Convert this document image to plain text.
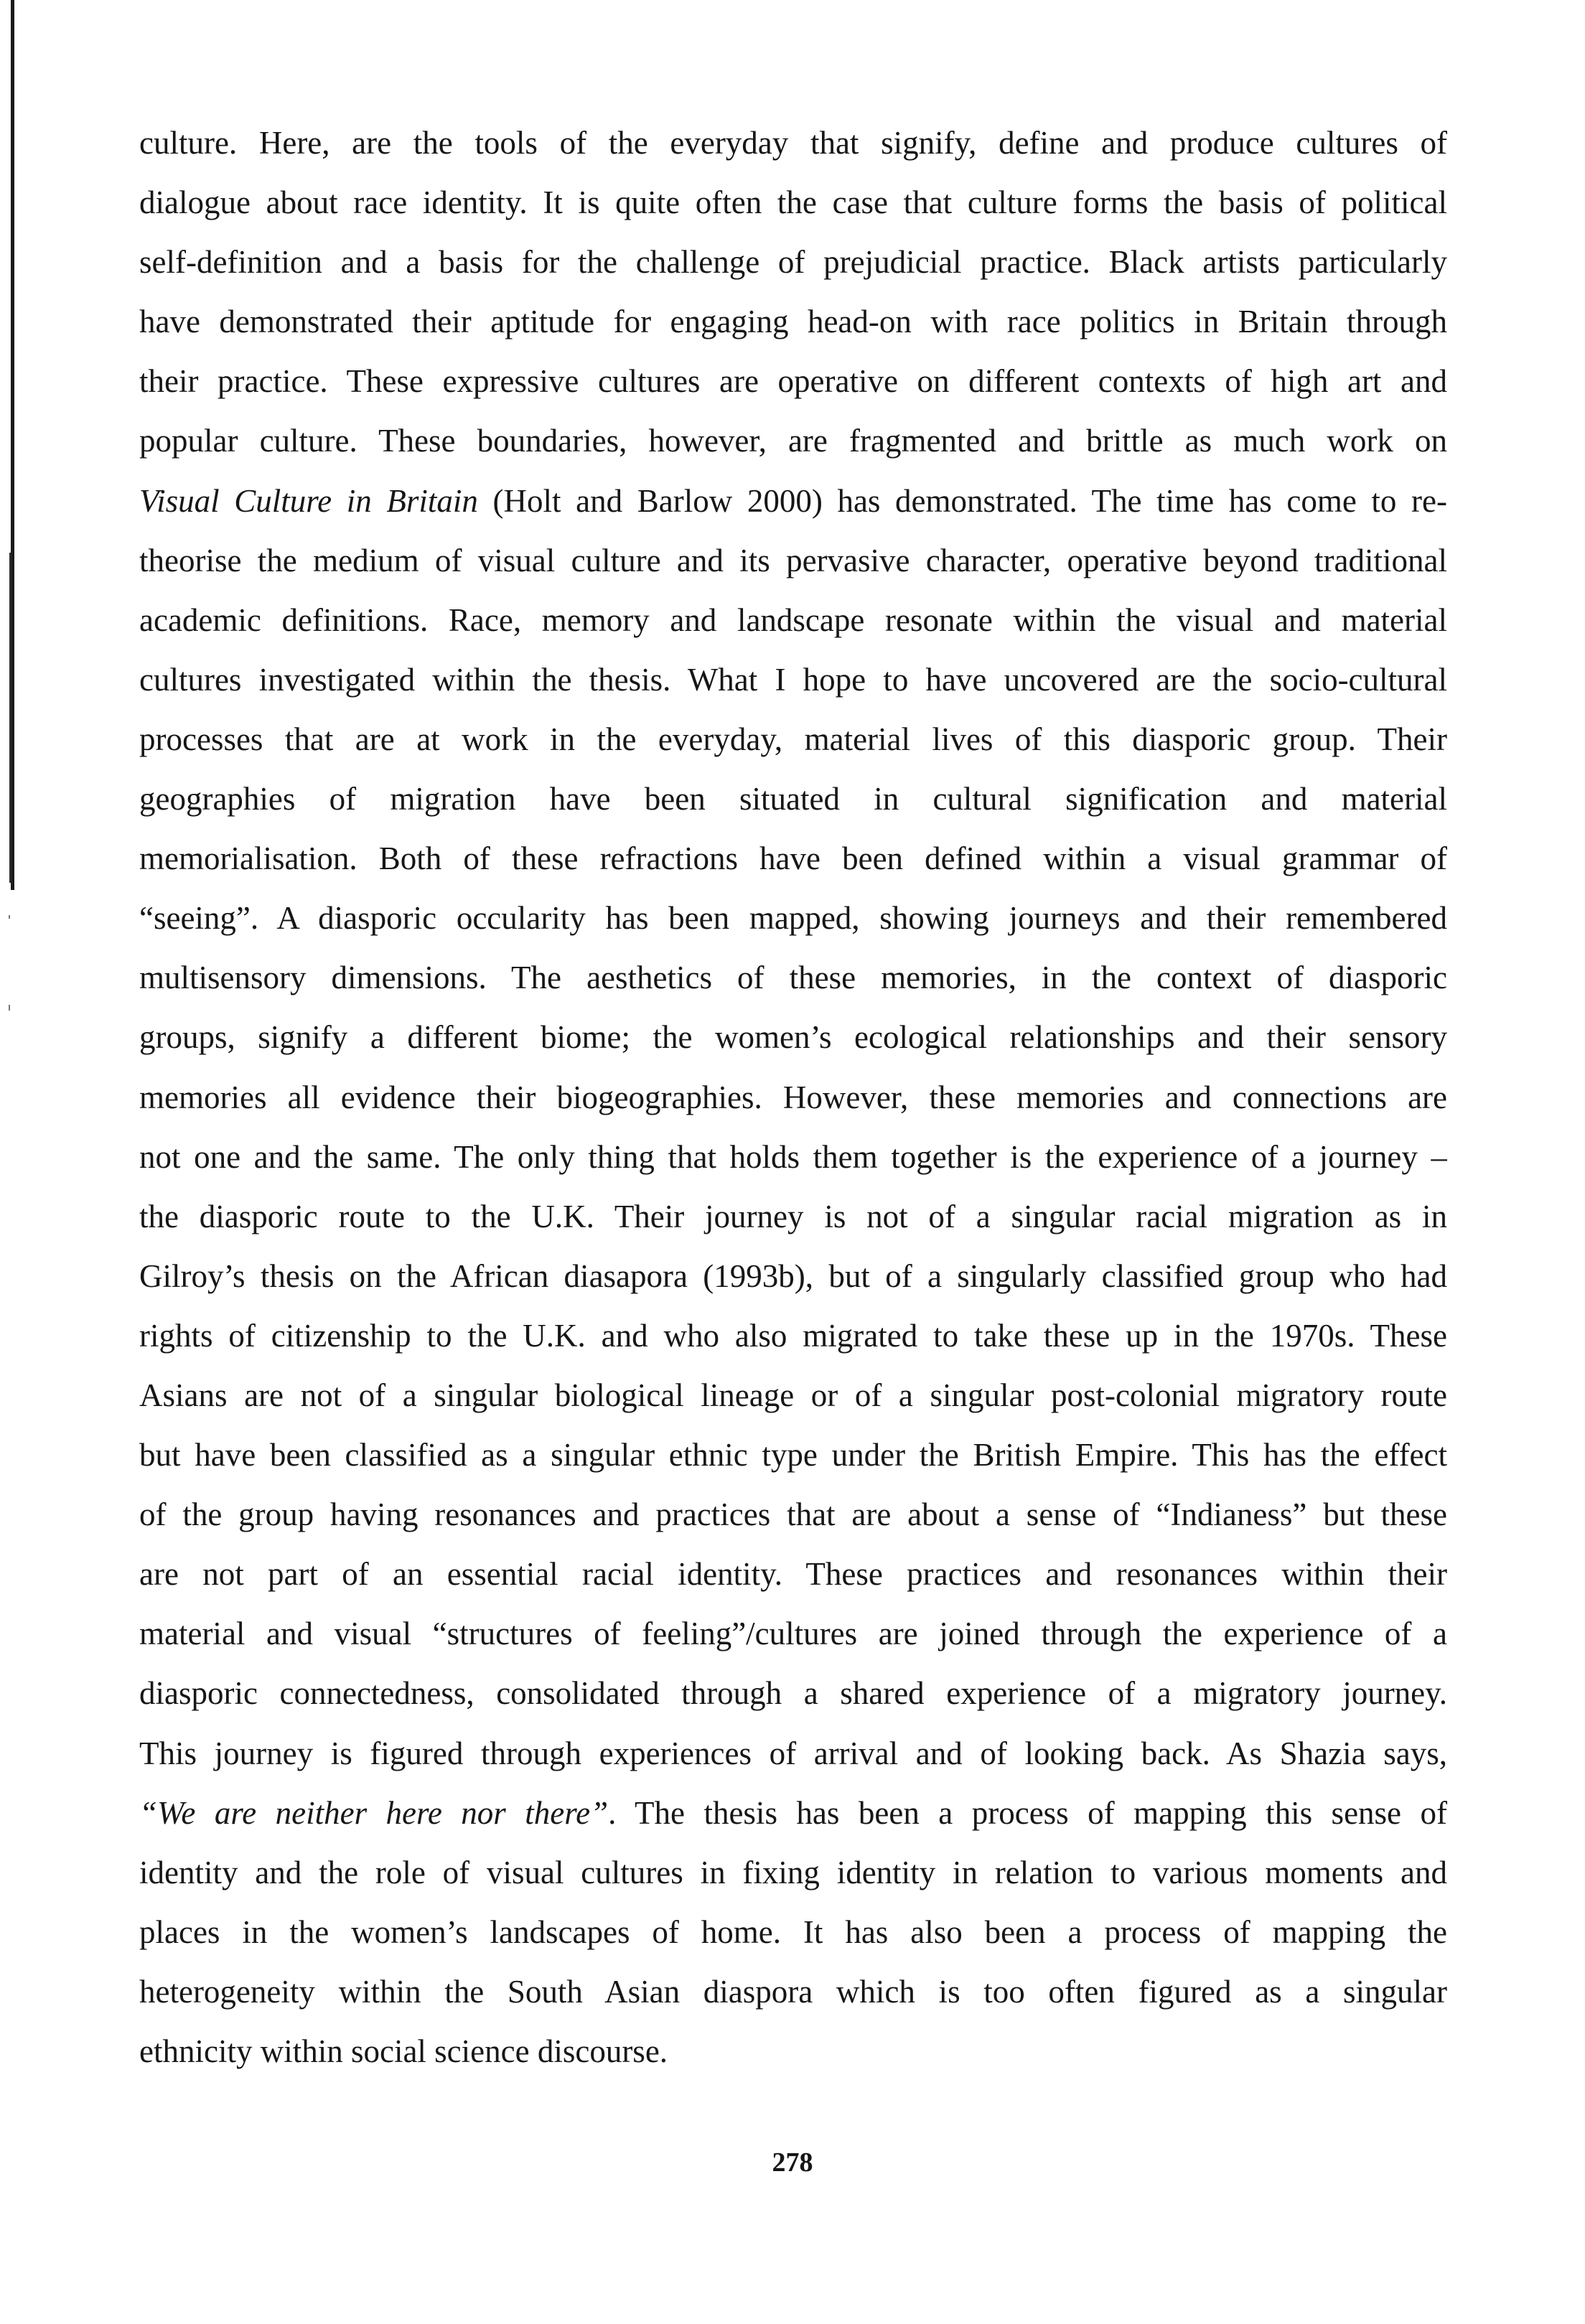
culture. Here, are the tools of the everyday that signify, define and produce cultures of
dialogue about race identity. It is quite often the case that culture forms the basis of political
self-definition and a basis for the challenge of prejudicial practice. Black artists particularly
have demonstrated their aptitude for engaging head-on with race politics in Britain through
their practice. These expressive cultures are operative on different contexts of high art and
popular culture. These boundaries, however, are fragmented and brittle as much work on
Visual Culture in Britain (Holt and Barlow 2000) has demonstrated. The time has come to re-
theorise the medium of visual culture and its pervasive character, operative beyond traditional
academic definitions. Race, memory and landscape resonate within the visual and material
cultures investigated within the thesis. What I hope to have uncovered are the socio-cultural
processes that are at work in the everyday, material lives of this diasporic group. Their
geographies of migration have been situated in cultural signification and material
memorialisation. Both of these refractions have been defined within a visual grammar of
“seeing”. A diasporic occularity has been mapped, showing journeys and their remembered
multisensory dimensions. The aesthetics of these memories, in the context of diasporic
groups, signify a different biome; the women’s ecological relationships and their sensory
memories all evidence their biogeographies. However, these memories and connections are
not one and the same. The only thing that holds them together is the experience of a journey –
the diasporic route to the U.K. Their journey is not of a singular racial migration as in
Gilroy’s thesis on the African diasapora (1993b), but of a singularly classified group who had
rights of citizenship to the U.K. and who also migrated to take these up in the 1970s. These
Asians are not of a singular biological lineage or of a singular post-colonial migratory route
but have been classified as a singular ethnic type under the British Empire. This has the effect
of the group having resonances and practices that are about a sense of “Indianess” but these
are not part of an essential racial identity. These practices and resonances within their
material and visual “structures of feeling”/cultures are joined through the experience of a
diasporic connectedness, consolidated through a shared experience of a migratory journey.
This journey is figured through experiences of arrival and of looking back. As Shazia says,
“We are neither here nor there”. The thesis has been a process of mapping this sense of
identity and the role of visual cultures in fixing identity in relation to various moments and
places in the women’s landscapes of home. It has also been a process of mapping the
heterogeneity within the South Asian diaspora which is too often figured as a singular
ethnicity within social science discourse.
278
